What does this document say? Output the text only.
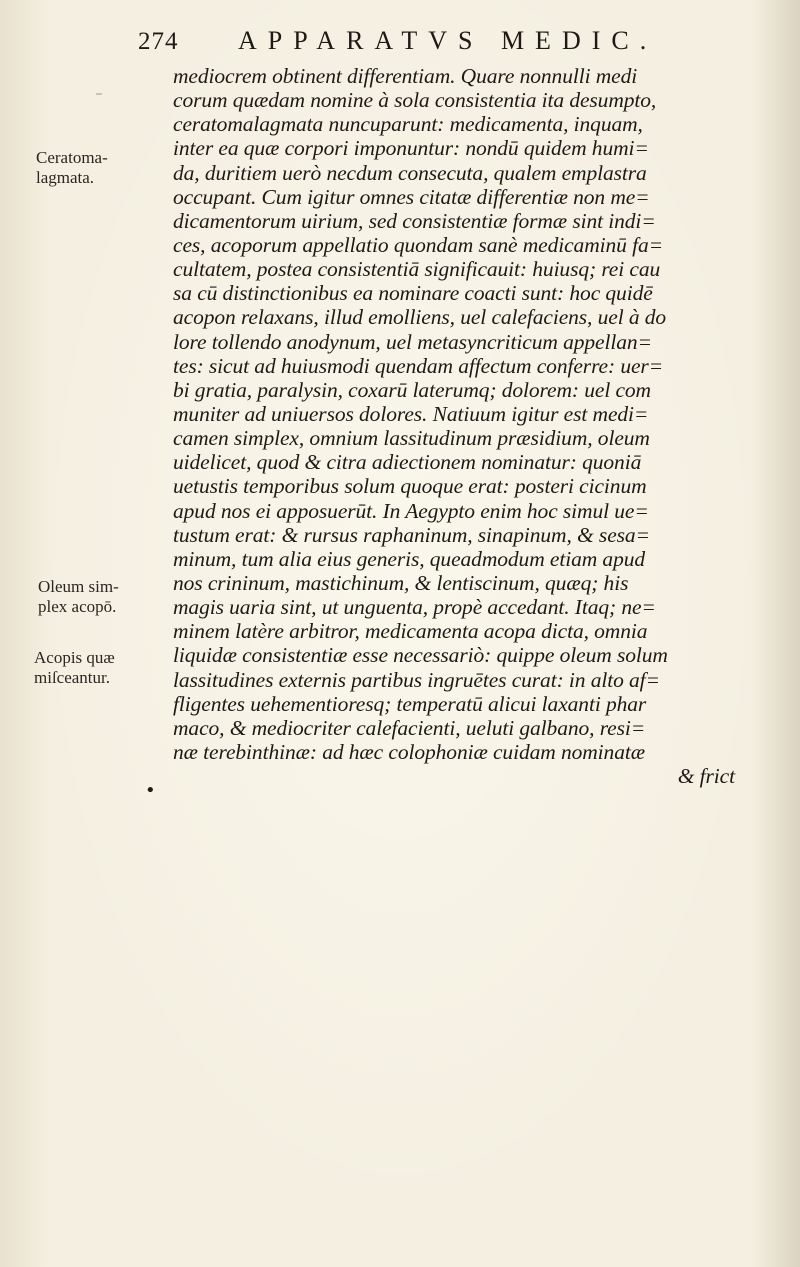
274	APPARATVS MEDIC.
Ceratoma-
lagmata.
Oleum sim-
plex acopō.
Acopis quæ
miſceantur.
•
mediocrem obtinent differentiam. Quare nonnulli medi
corum quædam nomine à sola consistentia ita desumpto,
ceratomalagmata nuncuparunt: medicamenta, inquam,
inter ea quæ corpori imponuntur: nondū quidem humi=
da, duritiem uerò necdum consecuta, qualem emplastra
occupant. Cum igitur omnes citatæ differentiæ non me=
dicamentorum uirium, sed consistentiæ formæ sint indi=
ces, acoporum appellatio quondam sanè medicaminū fa=
cultatem, postea consistentiā significauit: huiusq; rei cau
sa cū distinctionibus ea nominare coacti sunt: hoc quidē
acopon relaxans, illud emolliens, uel calefaciens, uel à do
lore tollendo anodynum, uel metasyncriticum appellan=
tes: sicut ad huiusmodi quendam affectum conferre: uer=
bi gratia, paralysin, coxarū laterumq; dolorem: uel com
muniter ad uniuersos dolores. Natiuum igitur est medi=
camen simplex, omnium lassitudinum præsidium, oleum
uidelicet, quod & citra adiectionem nominatur: quoniā
uetustis temporibus solum quoque erat: posteri cicinum
apud nos ei apposuerūt. In Aegypto enim hoc simul ue=
tustum erat: & rursus raphaninum, sinapinum, & sesa=
minum, tum alia eius generis, queadmodum etiam apud
nos crininum, mastichinum, & lentiscinum, quæq; his
magis uaria sint, ut unguenta, propè accedant. Itaq; ne=
minem latère arbitror, medicamenta acopa dicta, omnia
liquidæ consistentiæ esse necessariò: quippe oleum solum
lassitudines externis partibus ingruētes curat: in alto af=
fligentes uehementioresq; temperatū alicui laxanti phar
maco, & mediocriter calefacienti, ueluti galbano, resi=
næ terebinthinæ: ad hæc colophoniæ cuidam nominatæ
& frict
